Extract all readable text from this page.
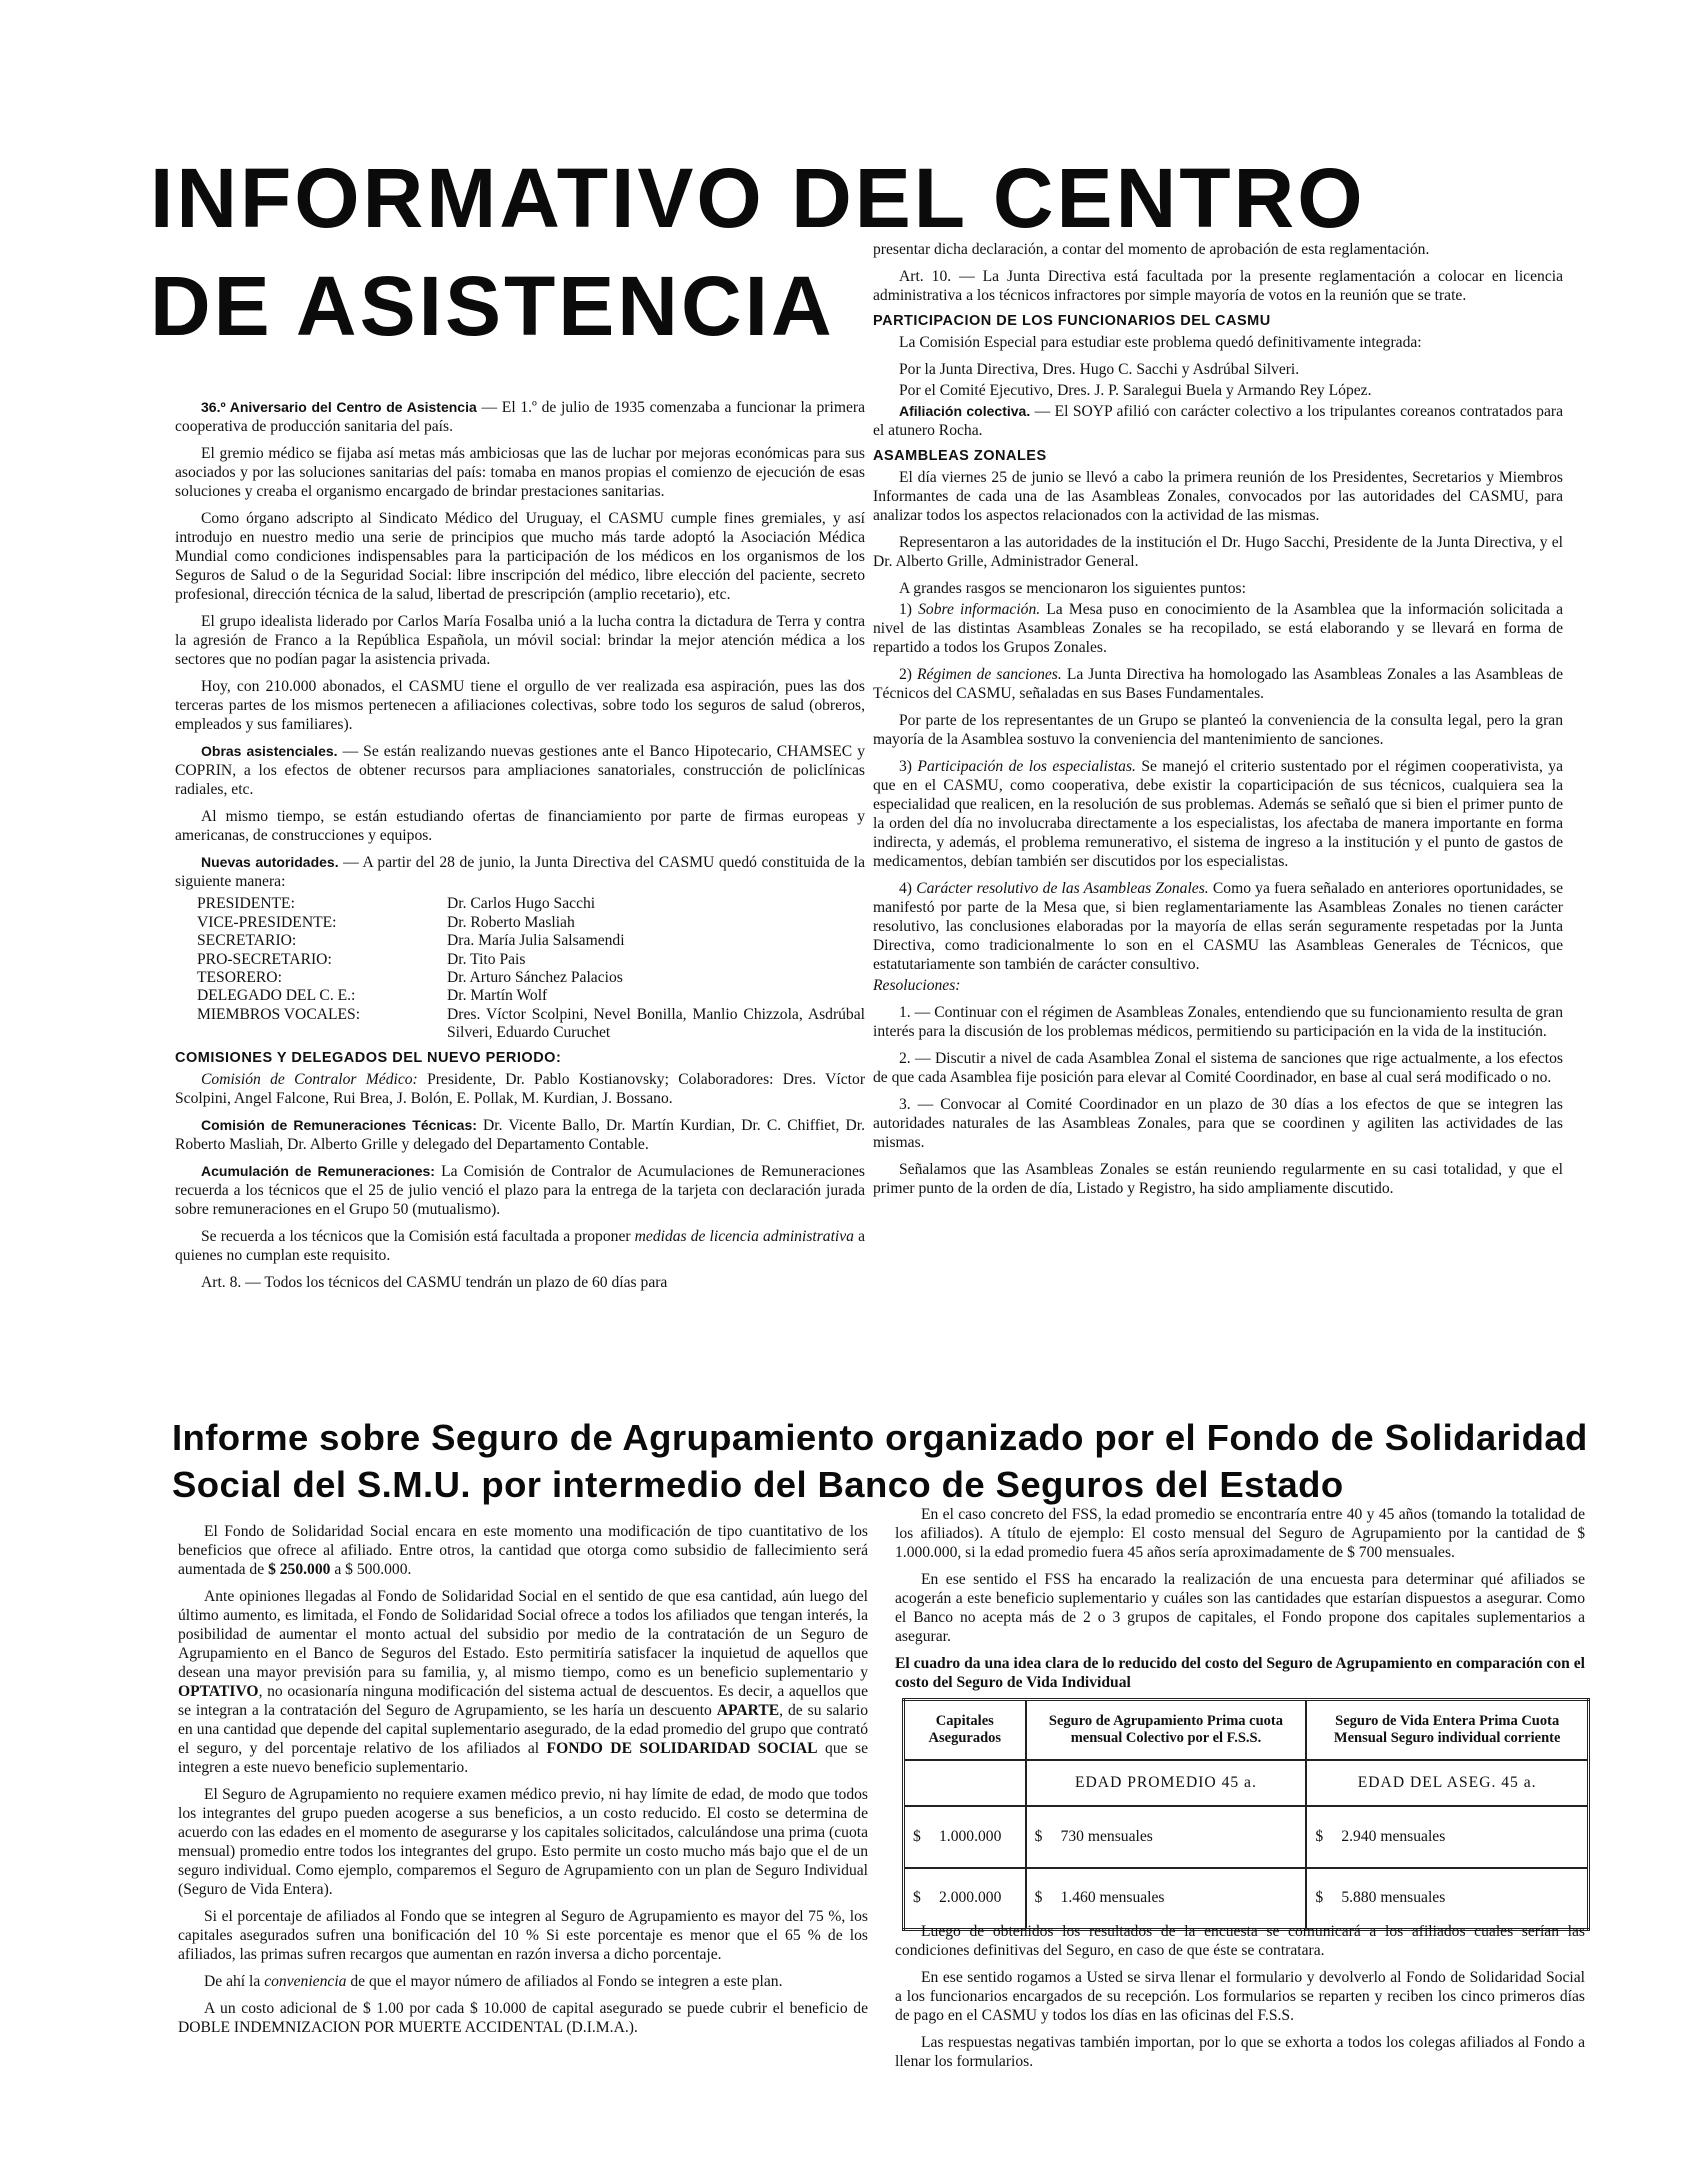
INFORMATIVO DEL CENTRO
DE ASISTENCIA

36.º Aniversario del Centro de Asistencia — El 1.º de julio de 1935 comenzaba a funcionar la primera cooperativa de producción sanitaria del país.

El gremio médico se fijaba así metas más ambiciosas que las de luchar por mejoras económicas para sus asociados y por las soluciones sanitarias del país: tomaba en manos propias el comienzo de ejecución de esas soluciones y creaba el organismo encargado de brindar prestaciones sanitarias.

Como órgano adscripto al Sindicato Médico del Uruguay, el CASMU cumple fines gremiales, y así introdujo en nuestro medio una serie de principios que mucho más tarde adoptó la Asociación Médica Mundial como condiciones indispensables para la participación de los médicos en los organismos de los Seguros de Salud o de la Seguridad Social: libre inscripción del médico, libre elección del paciente, secreto profesional, dirección técnica de la salud, libertad de prescripción (amplio recetario), etc.

El grupo idealista liderado por Carlos María Fosalba unió a la lucha contra la dictadura de Terra y contra la agresión de Franco a la República Española, un móvil social: brindar la mejor atención médica a los sectores que no podían pagar la asistencia privada.

Hoy, con 210.000 abonados, el CASMU tiene el orgullo de ver realizada esa aspiración, pues las dos terceras partes de los mismos pertenecen a afiliaciones colectivas, sobre todo los seguros de salud (obreros, empleados y sus familiares).

Obras asistenciales. — Se están realizando nuevas gestiones ante el Banco Hipotecario, CHAMSEC y COPRIN, a los efectos de obtener recursos para ampliaciones sanatoriales, construcción de policlínicas radiales, etc.

Al mismo tiempo, se están estudiando ofertas de financiamiento por parte de firmas europeas y americanas, de construcciones y equipos.

Nuevas autoridades. — A partir del 28 de junio, la Junta Directiva del CASMU quedó constituida de la siguiente manera:

PRESIDENTE:	Dr. Carlos Hugo Sacchi
VICE-PRESIDENTE:	Dr. Roberto Masliah
SECRETARIO:	Dra. María Julia Salsamendi
PRO-SECRETARIO:	Dr. Tito Pais
TESORERO:	Dr. Arturo Sánchez Palacios
DELEGADO DEL C. E.:	Dr. Martín Wolf
MIEMBROS VOCALES:	Dres. Víctor Scolpini, Nevel Bonilla, Manlio Chizzola, Asdrúbal Silveri, Eduardo Curuchet

COMISIONES Y DELEGADOS DEL NUEVO PERIODO:

Comisión de Contralor Médico: Presidente, Dr. Pablo Kostianovsky; Colaboradores: Dres. Víctor Scolpini, Angel Falcone, Rui Brea, J. Bolón, E. Pollak, M. Kurdian, J. Bossano.

Comisión de Remuneraciones Técnicas: Dr. Vicente Ballo, Dr. Martín Kurdian, Dr. C. Chiffiet, Dr. Roberto Masliah, Dr. Alberto Grille y delegado del Departamento Contable.

Acumulación de Remuneraciones: La Comisión de Contralor de Acumulaciones de Remuneraciones recuerda a los técnicos que el 25 de julio venció el plazo para la entrega de la tarjeta con declaración jurada sobre remuneraciones en el Grupo 50 (mutualismo).

Se recuerda a los técnicos que la Comisión está facultada a proponer medidas de licencia administrativa a quienes no cumplan este requisito.

Art. 8. — Todos los técnicos del CASMU tendrán un plazo de 60 días para

presentar dicha declaración, a contar del momento de aprobación de esta reglamentación.

Art. 10. — La Junta Directiva está facultada por la presente reglamentación a colocar en licencia administrativa a los técnicos infractores por simple mayoría de votos en la reunión que se trate.

PARTICIPACION DE LOS FUNCIONARIOS DEL CASMU

La Comisión Especial para estudiar este problema quedó definitivamente integrada:

Por la Junta Directiva, Dres. Hugo C. Sacchi y Asdrúbal Silveri.

Por el Comité Ejecutivo, Dres. J. P. Saralegui Buela y Armando Rey López.

Afiliación colectiva. — El SOYP afilió con carácter colectivo a los tripulantes coreanos contratados para el atunero Rocha.

ASAMBLEAS ZONALES

El día viernes 25 de junio se llevó a cabo la primera reunión de los Presidentes, Secretarios y Miembros Informantes de cada una de las Asambleas Zonales, convocados por las autoridades del CASMU, para analizar todos los aspectos relacionados con la actividad de las mismas.

Representaron a las autoridades de la institución el Dr. Hugo Sacchi, Presidente de la Junta Directiva, y el Dr. Alberto Grille, Administrador General.

A grandes rasgos se mencionaron los siguientes puntos:

1) Sobre información. La Mesa puso en conocimiento de la Asamblea que la información solicitada a nivel de las distintas Asambleas Zonales se ha recopilado, se está elaborando y se llevará en forma de repartido a todos los Grupos Zonales.

2) Régimen de sanciones. La Junta Directiva ha homologado las Asambleas Zonales a las Asambleas de Técnicos del CASMU, señaladas en sus Bases Fundamentales.

Por parte de los representantes de un Grupo se planteó la conveniencia de la consulta legal, pero la gran mayoría de la Asamblea sostuvo la conveniencia del mantenimiento de sanciones.

3) Participación de los especialistas. Se manejó el criterio sustentado por el régimen cooperativista, ya que en el CASMU, como cooperativa, debe existir la coparticipación de sus técnicos, cualquiera sea la especialidad que realicen, en la resolución de sus problemas. Además se señaló que si bien el primer punto de la orden del día no involucraba directamente a los especialistas, los afectaba de manera importante en forma indirecta, y además, el problema remunerativo, el sistema de ingreso a la institución y el punto de gastos de medicamentos, debían también ser discutidos por los especialistas.

4) Carácter resolutivo de las Asambleas Zonales. Como ya fuera señalado en anteriores oportunidades, se manifestó por parte de la Mesa que, si bien reglamentariamente las Asambleas Zonales no tienen carácter resolutivo, las conclusiones elaboradas por la mayoría de ellas serán seguramente respetadas por la Junta Directiva, como tradicionalmente lo son en el CASMU las Asambleas Generales de Técnicos, que estatutariamente son también de carácter consultivo.

Resoluciones:

1. — Continuar con el régimen de Asambleas Zonales, entendiendo que su funcionamiento resulta de gran interés para la discusión de los problemas médicos, permitiendo su participación en la vida de la institución.

2. — Discutir a nivel de cada Asamblea Zonal el sistema de sanciones que rige actualmente, a los efectos de que cada Asamblea fije posición para elevar al Comité Coordinador, en base al cual será modificado o no.

3. — Convocar al Comité Coordinador en un plazo de 30 días a los efectos de que se integren las autoridades naturales de las Asambleas Zonales, para que se coordinen y agiliten las actividades de las mismas.

Señalamos que las Asambleas Zonales se están reuniendo regularmente en su casi totalidad, y que el primer punto de la orden de día, Listado y Registro, ha sido ampliamente discutido.

Informe sobre Seguro de Agrupamiento organizado por el Fondo de Solidaridad Social del S.M.U. por intermedio del Banco de Seguros del Estado

El Fondo de Solidaridad Social encara en este momento una modificación de tipo cuantitativo de los beneficios que ofrece al afiliado. Entre otros, la cantidad que otorga como subsidio de fallecimiento será aumentada de $ 250.000 a $ 500.000.

Ante opiniones llegadas al Fondo de Solidaridad Social en el sentido de que esa cantidad, aún luego del último aumento, es limitada, el Fondo de Solidaridad Social ofrece a todos los afiliados que tengan interés, la posibilidad de aumentar el monto actual del subsidio por medio de la contratación de un Seguro de Agrupamiento en el Banco de Seguros del Estado. Esto permitiría satisfacer la inquietud de aquellos que desean una mayor previsión para su familia, y, al mismo tiempo, como es un beneficio suplementario y OPTATIVO, no ocasionaría ninguna modificación del sistema actual de descuentos. Es decir, a aquellos que se integran a la contratación del Seguro de Agrupamiento, se les haría un descuento APARTE, de su salario en una cantidad que depende del capital suplementario asegurado, de la edad promedio del grupo que contrató el seguro, y del porcentaje relativo de los afiliados al FONDO DE SOLIDARIDAD SOCIAL que se integren a este nuevo beneficio suplementario.

El Seguro de Agrupamiento no requiere examen médico previo, ni hay límite de edad, de modo que todos los integrantes del grupo pueden acogerse a sus beneficios, a un costo reducido. El costo se determina de acuerdo con las edades en el momento de asegurarse y los capitales solicitados, calculándose una prima (cuota mensual) promedio entre todos los integrantes del grupo. Esto permite un costo mucho más bajo que el de un seguro individual. Como ejemplo, comparemos el Seguro de Agrupamiento con un plan de Seguro Individual (Seguro de Vida Entera).

Si el porcentaje de afiliados al Fondo que se integren al Seguro de Agrupamiento es mayor del 75 %, los capitales asegurados sufren una bonificación del 10 % Si este porcentaje es menor que el 65 % de los afiliados, las primas sufren recargos que aumentan en razón inversa a dicho porcentaje.

De ahí la conveniencia de que el mayor número de afiliados al Fondo se integren a este plan.

A un costo adicional de $ 1.00 por cada $ 10.000 de capital asegurado se puede cubrir el beneficio de DOBLE INDEMNIZACION POR MUERTE ACCIDENTAL (D.I.M.A.).

En el caso concreto del FSS, la edad promedio se encontraría entre 40 y 45 años (tomando la totalidad de los afiliados). A título de ejemplo: El costo mensual del Seguro de Agrupamiento por la cantidad de $ 1.000.000, si la edad promedio fuera 45 años sería aproximadamente de $ 700 mensuales.

En ese sentido el FSS ha encarado la realización de una encuesta para determinar qué afiliados se acogerán a este beneficio suplementario y cuáles son las cantidades que estarían dispuestos a asegurar. Como el Banco no acepta más de 2 o 3 grupos de capitales, el Fondo propone dos capitales suplementarios a asegurar.

El cuadro da una idea clara de lo reducido del costo del Seguro de Agrupamiento en comparación con el costo del Seguro de Vida Individual

Capitales Asegurados	Seguro de Agrupamiento Prima cuota mensual Colectivo por el F.S.S.	Seguro de Vida Entera Prima Cuota Mensual Seguro individual corriente
	EDAD PROMEDIO 45 a.	EDAD DEL ASEG. 45 a.
$ 1.000.000	$ 730 mensuales	$ 2.940 mensuales
$ 2.000.000	$ 1.460 mensuales	$ 5.880 mensuales

Luego de obtenidos los resultados de la encuesta se comunicará a los afiliados cuales serían las condiciones definitivas del Seguro, en caso de que éste se contratara.

En ese sentido rogamos a Usted se sirva llenar el formulario y devolverlo al Fondo de Solidaridad Social a los funcionarios encargados de su recepción. Los formularios se reparten y reciben los cinco primeros días de pago en el CASMU y todos los días en las oficinas del F.S.S.

Las respuestas negativas también importan, por lo que se exhorta a todos los colegas afiliados al Fondo a llenar los formularios.
